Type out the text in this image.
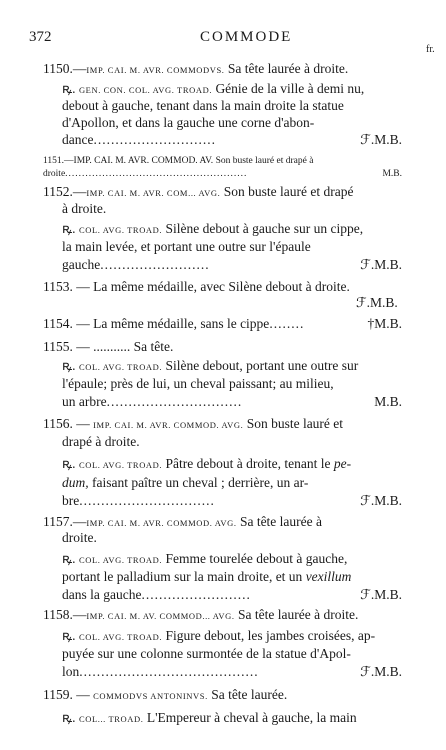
372	COMMODE
fr.
1150.—IMP. CAI. M. AVR. COMMODVS. Sa tête laurée à droite.
ꝶ. GEN. CON. COL. AVG. TROAD. Génie de la ville à demi nu,
debout à gauche, tenant dans la main droite la statue
d'Apollon, et dans la gauche une corne d'abon-
dance............................	ℱ.M.B.
1151.—IMP. CAI. M. AVR. COMMOD. AV. Son buste lauré et drapé à
droite......................................................	M.B.
1152.—IMP. CAI. M. AVR. COM... AVG. Son buste lauré et drapé
à droite.
ꝶ. COL. AVG. TROAD. Silène debout à gauche sur un cippe,
la main levée, et portant une outre sur l'épaule
gauche.........................	ℱ.M.B.
1153. — La même médaille, avec Silène debout à droite.
ℱ.M.B.
1154. — La même médaille, sans le cippe........	†M.B.
1155. — ........... Sa tête.
ꝶ. COL. AVG. TROAD. Silène debout, portant une outre sur
l'épaule; près de lui, un cheval paissant; au milieu,
un arbre...............................	M.B.
1156. — IMP. CAI. M. AVR. COMMOD. AVG. Son buste lauré et
drapé à droite.
ꝶ. COL. AVG. TROAD. Pâtre debout à droite, tenant le pe-
dum, faisant paître un cheval ; derrière, un ar-
bre...............................	ℱ.M.B.
1157.—IMP. CAI. M. AVR. COMMOD. AVG. Sa tête laurée à
droite.
ꝶ. COL. AVG. TROAD. Femme tourelée debout à gauche,
portant le palladium sur la main droite, et un vexillum
dans la gauche.........................	ℱ.M.B.
1158.—IMP. CAI. M. AV. COMMOD... AVG. Sa tête laurée à droite.
ꝶ. COL. AVG. TROAD. Figure debout, les jambes croisées, ap-
puyée sur une colonne surmontée de la statue d'Apol-
lon.........................................	ℱ.M.B.
1159. — COMMODVS ANTONINVS. Sa tête laurée.
ꝶ. COL... TROAD. L'Empereur à cheval à gauche, la main
